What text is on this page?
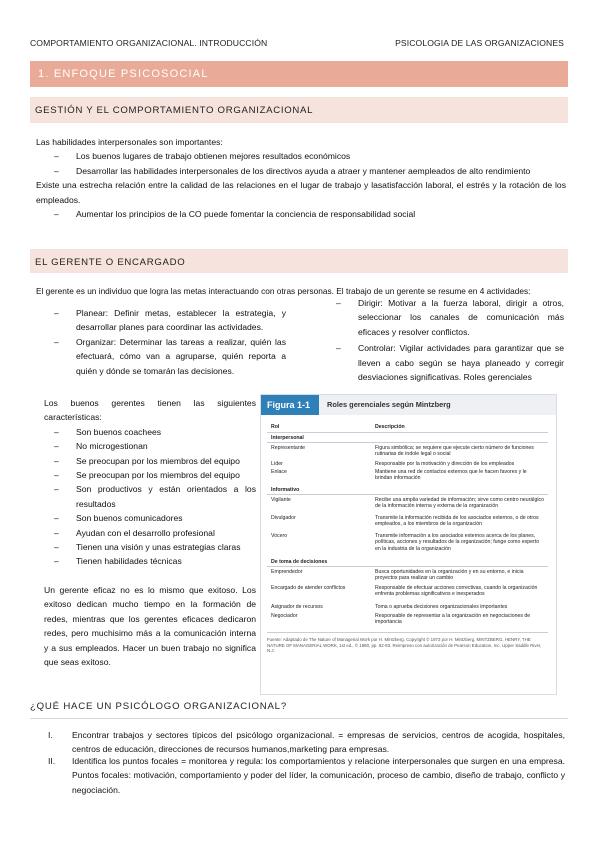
COMPORTAMIENTO ORGANIZACIONAL. INTRODUCCIÓN	PSICOLOGIA DE LAS ORGANIZACIONES
1. ENFOQUE PSICOSOCIAL
GESTIÓN Y EL COMPORTAMIENTO ORGANIZACIONAL
Las habilidades interpersonales son importantes:
– Los buenos lugares de trabajo obtienen mejores resultados económicos
– Desarrollar las habilidades interpersonales de los directivos ayuda a atraer y mantener aempleados de alto rendimiento
Existe una estrecha relación entre la calidad de las relaciones en el lugar de trabajo y lasatisfacción laboral, el estrés y la rotación de los empleados.
– Aumentar los principios de la CO puede fomentar la conciencia de responsabilidad social
EL GERENTE O ENCARGADO
El gerente es un individuo que logra las metas interactuando con otras personas. El trabajo de un gerente se resume en 4 actividades:
– Planear: Definir metas, establecer la estrategia, y desarrollar planes para coordinar las actividades.
– Organizar: Determinar las tareas a realizar, quién las efectuará, cómo van a agruparse, quién reporta a quién y dónde se tomarán las decisiones.
– Dirigir: Motivar a la fuerza laboral, dirigir a otros, seleccionar los canales de comunicación más eficaces y resolver conflictos.
– Controlar: Vigilar actividades para garantizar que se lleven a cabo según se haya planeado y corregir desviaciones significativas. Roles gerenciales
Los buenos gerentes tienen las siguientes características:
– Son buenos coachees
– No microgestionan
– Se preocupan por los miembros del equipo
– Se preocupan por los miembros del equipo
– Son productivos y están orientados a los resultados
– Son buenos comunicadores
– Ayudan con el desarrollo profesional
– Tienen una visión y unas estrategias claras
– Tienen habilidades técnicas
Un gerente eficaz no es lo mismo que exitoso. Los exitoso dedican mucho tiempo en la formación de redes, mientras que los gerentes eficaces dedicaron redes, pero muchisimo más a la comunicación interna y a sus empleados. Hacer un buen trabajo no significa que seas exitoso.
Figura 1-1	Roles gerenciales según Mintzberg
Rol	Descripción
Interpersonal
Representante	Figura simbólica; se requiere que ejecute cierto número de funciones rutinarias de índole legal o social
Líder	Responsable por la motivación y dirección de los empleados
Enlace	Mantiene una red de contactos externos que le hacen favores y le brindan información
Informativo
Vigilante	Recibe una amplia variedad de información; sirve como centro neurálgico de la información interna y externa de la organización
Divulgador	Transmite la información recibida de los asociados externos, o de otros empleados, a los miembros de la organización
Vocero	Transmite información a los asociados externos acerca de los planes, políticas, acciones y resultados de la organización; funge como experto en la industria de la organización
De toma de decisiones
Emprendedor	Busca oportunidades en la organización y en su entorno, e inicia proyectos para realizar un cambio
Encargado de atender conflictos	Responsable de efectuar acciones correctivas, cuando la organización enfrenta problemas significativos e inesperados
Asignador de recursos	Toma o aprueba decisiones organizacionales importantes
Negociador	Responsable de representar a la organización en negociaciones de importancia
Fuente: Adaptado de The Nature of Managerial Work por H. Mintzberg. Copyright © 1973 por H. Mintzberg. MINTZBERG, HENRY, THE NATURE OF MANAGERIAL WORK, 1st ed., © 1980, pp. 92-93. Reimpreso con autorización de Pearson Education, Inc. Upper Saddle River, N.J.
¿QUÉ HACE UN PSICÓLOGO ORGANIZACIONAL?
I. Encontrar trabajos y sectores típicos del psicólogo organizacional. = empresas de servicios, centros de acogida, hospitales, centros de educación, direcciones de recursos humanos,marketing para empresas.
II. Identifica los puntos focales = monitorea y regula: los comportamientos y relacione interpersonales que surgen en una empresa. Puntos focales: motivación, comportamiento y poder del líder, la comunicación, proceso de cambio, diseño de trabajo, conflicto y negociación.
